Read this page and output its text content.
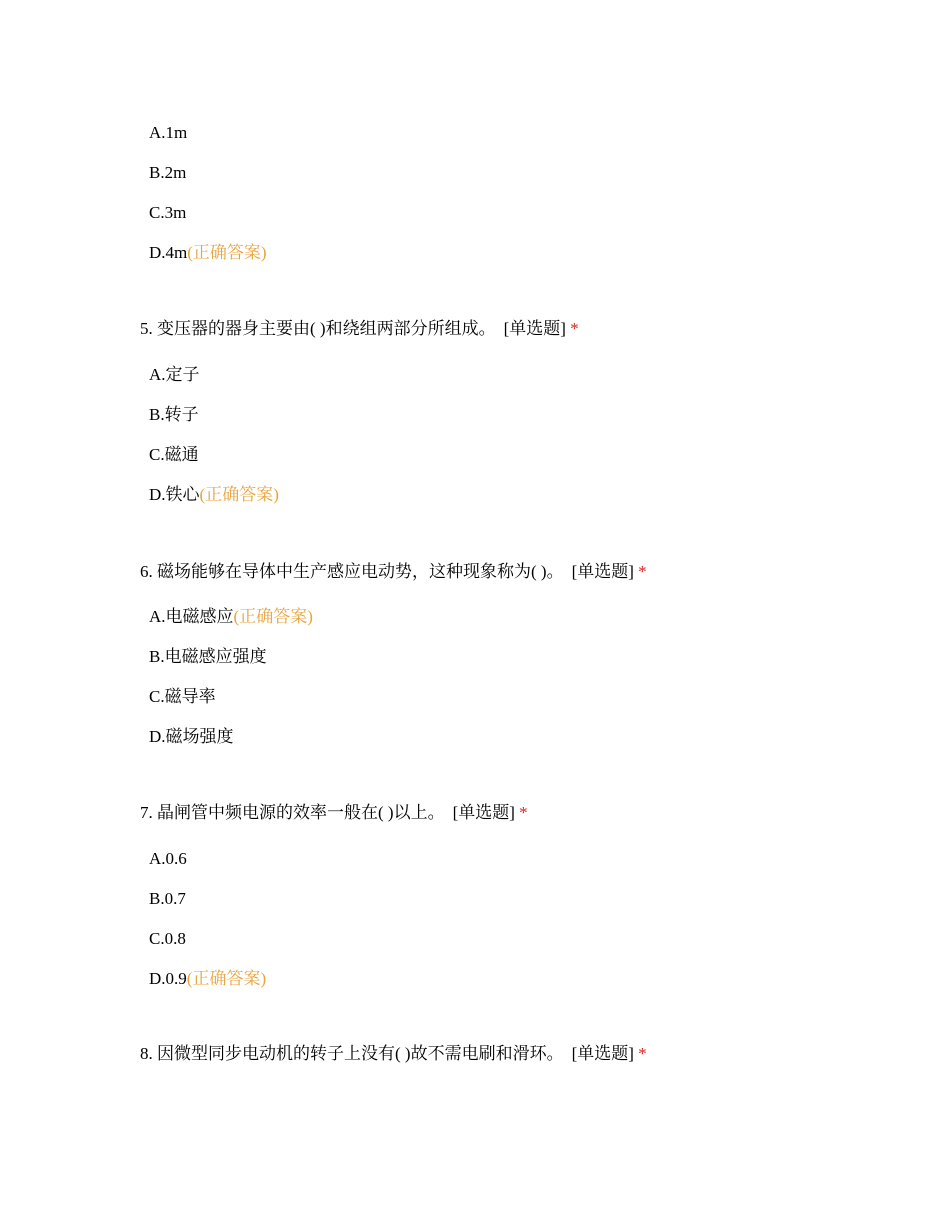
A.1m
B.2m
C.3m
D.4m(正确答案)
5. 变压器的器身主要由( )和绕组两部分所组成。 [单选题] *
A.定子
B.转子
C.磁通
D.铁心(正确答案)
6. 磁场能够在导体中生产感应电动势，这种现象称为( )。 [单选题] *
A.电磁感应(正确答案)
B.电磁感应强度
C.磁导率
D.磁场强度
7. 晶闸管中频电源的效率一般在( )以上。 [单选题] *
A.0.6
B.0.7
C.0.8
D.0.9(正确答案)
8. 因微型同步电动机的转子上没有( )故不需电刷和滑环。 [单选题] *
